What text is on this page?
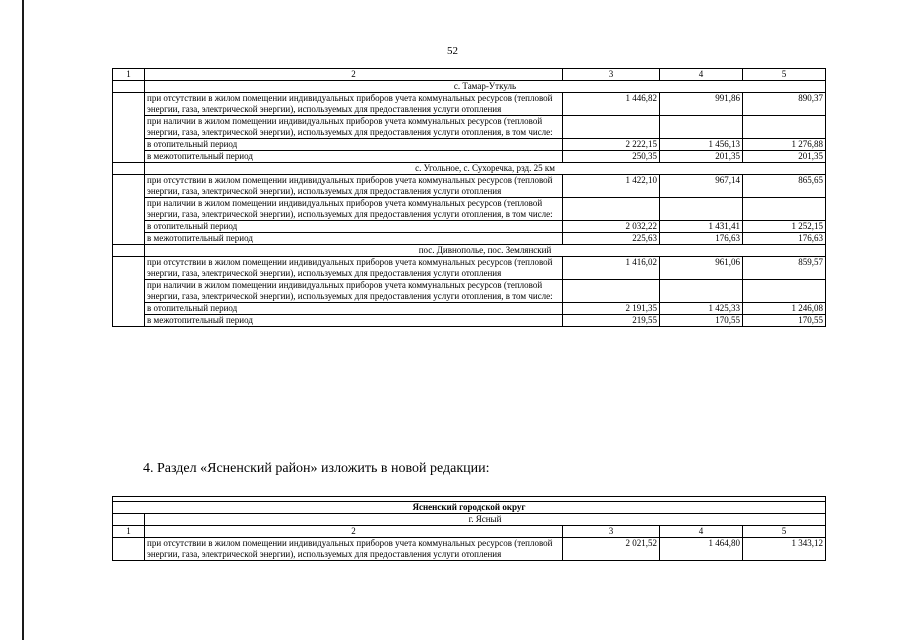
52
1	2	3	4	5
	с. Тамар-Уткуль			
	при отсутствии в жилом помещении индивидуальных приборов учета коммунальных ресурсов (тепловой энергии, газа, электрической энергии), используемых для предоставления услуги отопления	1 446,82	991,86	890,37
	при наличии в жилом помещении индивидуальных приборов учета коммунальных ресурсов (тепловой энергии, газа, электрической энергии), используемых для предоставления услуги отопления, в том числе:			
	в отопительный период	2 222,15	1 456,13	1 276,88
	в межотопительный период	250,35	201,35	201,35
	с. Угольное, с. Сухоречка, рзд. 25 км			
	при отсутствии в жилом помещении индивидуальных приборов учета коммунальных ресурсов (тепловой энергии, газа, электрической энергии), используемых для предоставления услуги отопления	1 422,10	967,14	865,65
	при наличии в жилом помещении индивидуальных приборов учета коммунальных ресурсов (тепловой энергии, газа, электрической энергии), используемых для предоставления услуги отопления, в том числе:			
	в отопительный период	2 032,22	1 431,41	1 252,15
	в межотопительный период	225,63	176,63	176,63
	пос. Дивнополье, пос. Землянский			
	при отсутствии в жилом помещении индивидуальных приборов учета коммунальных ресурсов (тепловой энергии, газа, электрической энергии), используемых для предоставления услуги отопления	1 416,02	961,06	859,57
	при наличии в жилом помещении индивидуальных приборов учета коммунальных ресурсов (тепловой энергии, газа, электрической энергии), используемых для предоставления услуги отопления, в том числе:			
	в отопительный период	2 191,35	1 425,33	1 246,08
	в межотопительный период	219,55	170,55	170,55
4. Раздел «Ясненский район» изложить в новой редакции:

Ясненский городской округ				
	г. Ясный			
1	2	3	4	5
	при отсутствии в жилом помещении индивидуальных приборов учета коммунальных ресурсов (тепловой энергии, газа, электрической энергии), используемых для предоставления услуги отопления	2 021,52	1 464,80	1 343,12
